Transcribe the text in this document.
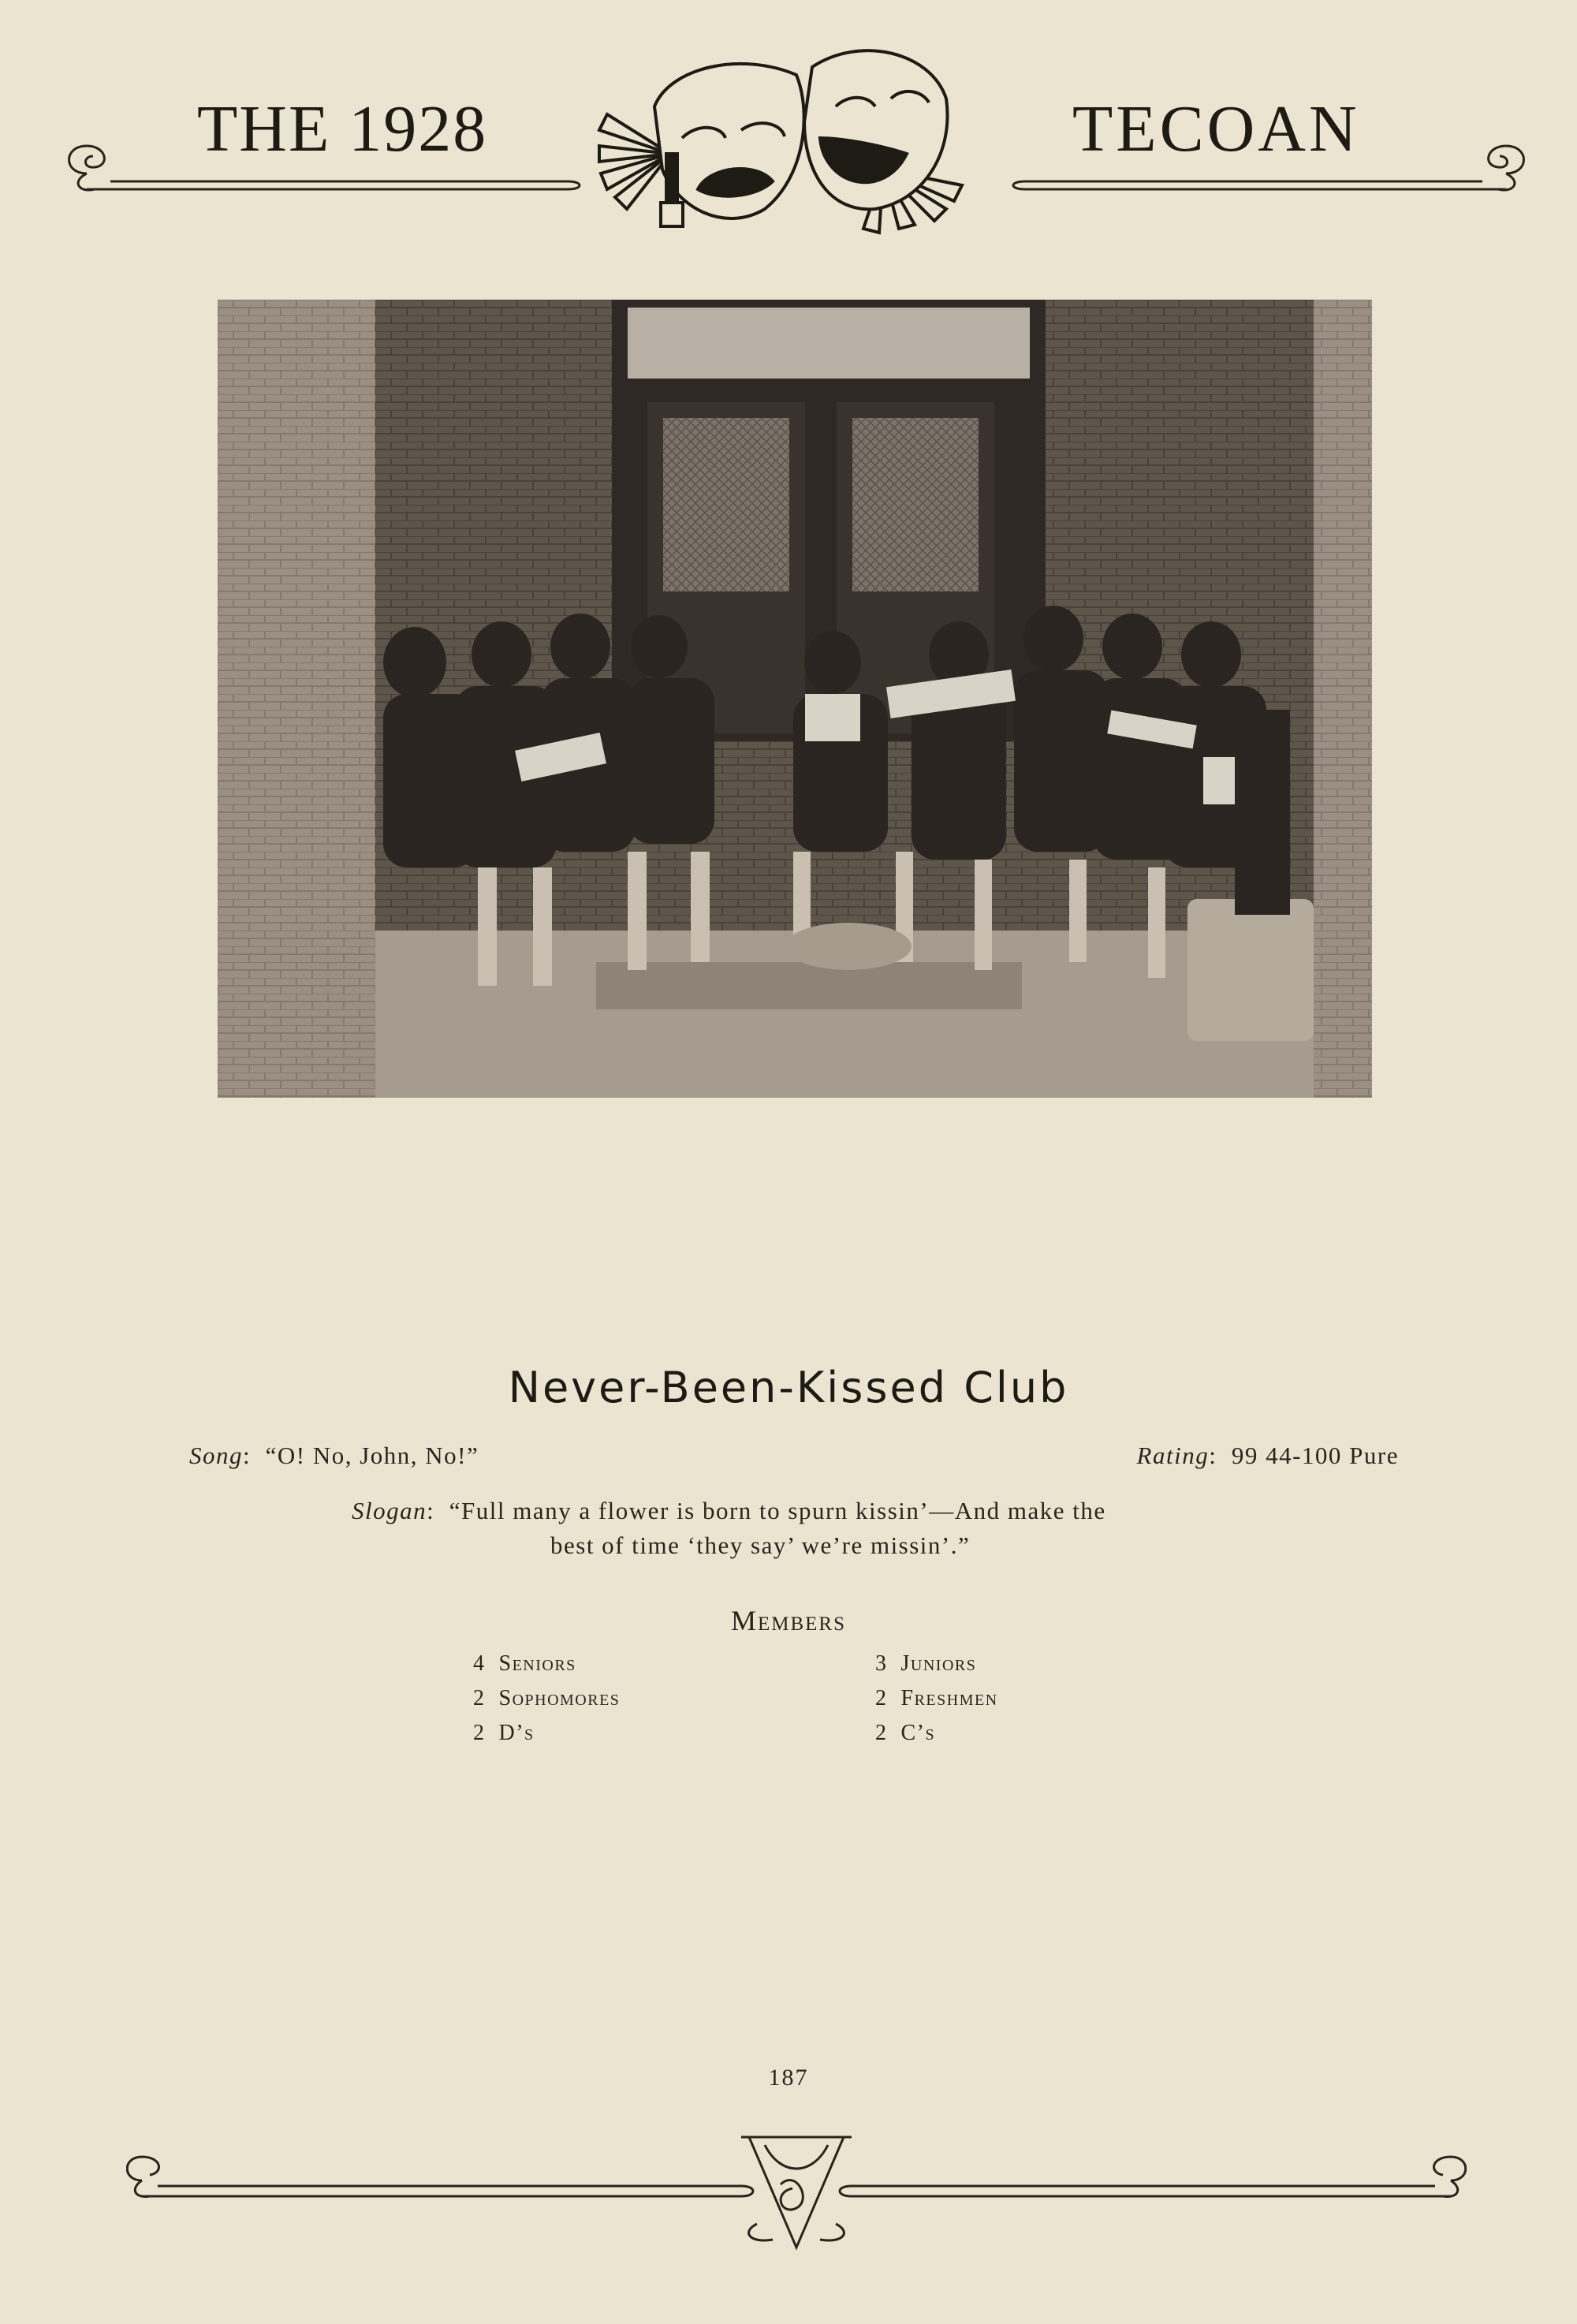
THE 1928	TECOAN
Never-Been-Kissed Club
Song:  “O! No, John, No!”	Rating:  99 44-100 Pure
Slogan:  “Full many a flower is born to spurn kissin’—And make the
best of time ‘they say’ we’re missin’.”
Members
4 Seniors	3 Juniors
2 Sophomores	2 Freshmen
2 D’s	2 C’s
187
